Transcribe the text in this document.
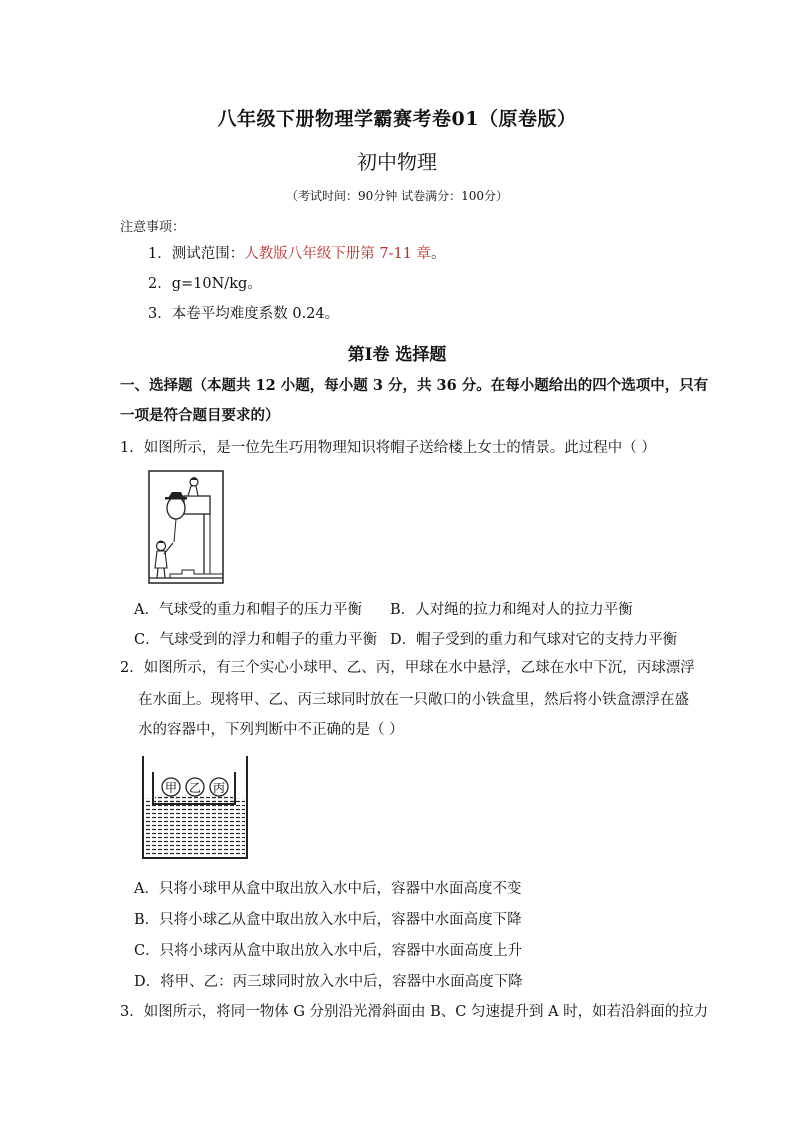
八年级下册物理学霸赛考卷01（原卷版）
初中物理
（考试时间：90分钟 试卷满分：100分）
注意事项：
1．测试范围：人教版八年级下册第 7-11 章。
2．g=10N/kg。
3．本卷平均难度系数 0.24。
第Ⅰ卷 选择题
一、选择题（本题共 12 小题，每小题 3 分，共 36 分。在每小题给出的四个选项中，只有
一项是符合题目要求的）
1．如图所示，是一位先生巧用物理知识将帽子送给楼上女士的情景。此过程中（ ）
A．气球受的重力和帽子的压力平衡 B．人对绳的拉力和绳对人的拉力平衡
C．气球受到的浮力和帽子的重力平衡 D．帽子受到的重力和气球对它的支持力平衡
2．如图所示，有三个实心小球甲、乙、丙，甲球在水中悬浮，乙球在水中下沉，丙球漂浮
在水面上。现将甲、乙、丙三球同时放在一只敞口的小铁盒里，然后将小铁盒漂浮在盛
水的容器中，下列判断中不正确的是（ ）
甲 乙 丙
A．只将小球甲从盒中取出放入水中后，容器中水面高度不变
B．只将小球乙从盒中取出放入水中后，容器中水面高度下降
C．只将小球丙从盒中取出放入水中后，容器中水面高度上升
D．将甲、乙：丙三球同时放入水中后，容器中水面高度下降
3．如图所示，将同一物体 G 分别沿光滑斜面由 B、C 匀速提升到 A 时，如若沿斜面的拉力
